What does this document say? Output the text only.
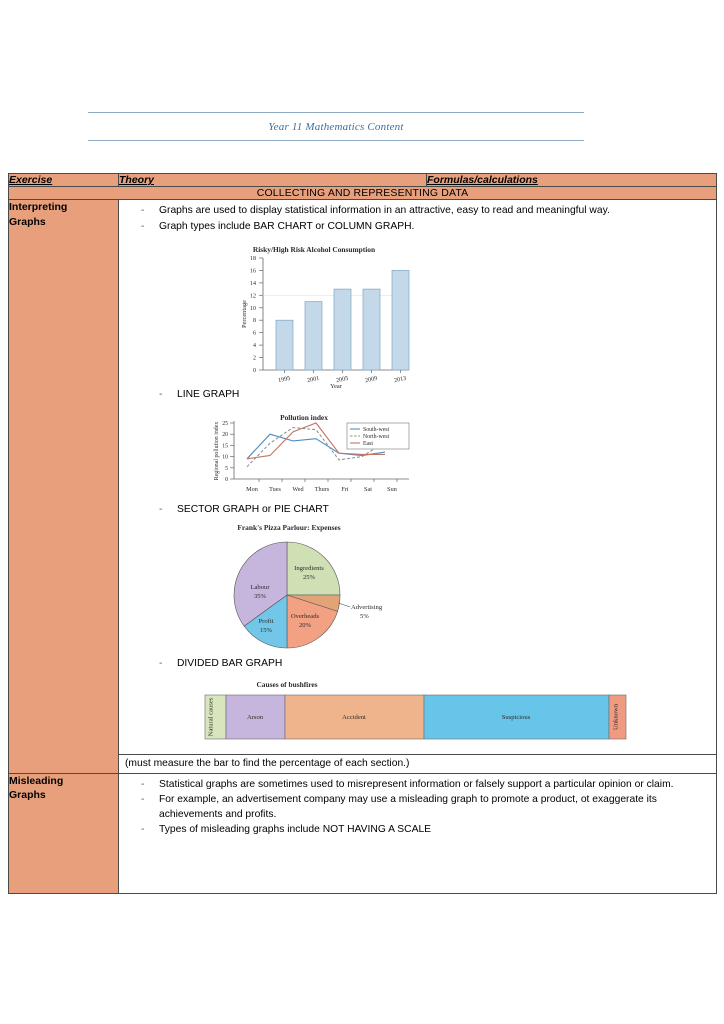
Year 11 Mathematics Content
Exercise	Theory	Formulas/calculations
COLLECTING AND REPRESENTING DATA		
Interpreting
Graphs	
-	Graphs are used to display statistical information in an attractive, easy to read and meaningful way.
-	Graph types include BAR CHART or COLUMN GRAPH.
Risky/High Risk Alcohol Consumption
0
2
4
6
8
10
12
14
16
18
1995 2001 2005 2009 2013
Year
Percentage
-	LINE GRAPH
Pollution index
0
5
10
15
20
25
Mon Tues Wed Thurs Fri Sat Sun
South-west
North-west
East
Regional pollution index
-	SECTOR GRAPH or PIE CHART
Frank's Pizza Parlour: Expenses
Ingredients
25%
Labour
35%
Overheads
20%
Profit
15%
Advertising
5%
-	DIVIDED BAR GRAPH
Causes of bushfires
Natural causes	Arson	Accident	Suspicious	Unknown
(must measure the bar to find the percentage of each section.)

Misleading
Graphs	
-	Statistical graphs are sometimes used to misrepresent information or falsely support a particular opinion or claim.
-	For example, an advertisement company may use a misleading graph to promote a product, ot exaggerate its achievements and profits.
-	Types of misleading graphs include NOT HAVING A SCALE
